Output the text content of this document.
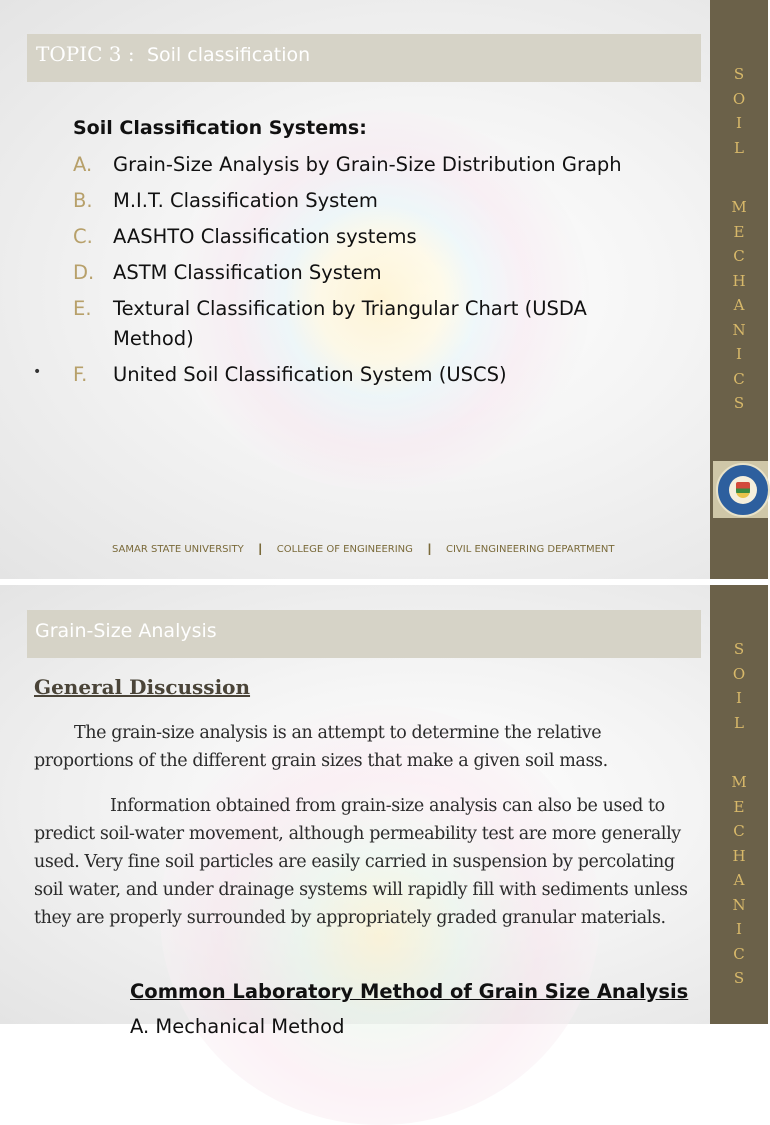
TOPIC 3 : Soil classification
Soil Classification Systems:
A. Grain-Size Analysis by Grain-Size Distribution Graph
B. M.I.T. Classification System
C. AASHTO Classification systems
D. ASTM Classification System
E. Textural Classification by Triangular Chart (USDA Method)
F. United Soil Classification System (USCS)
•
SAMAR STATE UNIVERSITY I COLLEGE OF ENGINEERING I CIVIL ENGINEERING DEPARTMENT
S
O
I
L
M
E
C
H
A
N
I
C
S
Grain-Size Analysis
General Discussion
The grain-size analysis is an attempt to determine the relative proportions of the different grain sizes that make a given soil mass.
Information obtained from grain-size analysis can also be used to predict soil-water movement, although permeability test are more generally used. Very fine soil particles are easily carried in suspension by percolating soil water, and under drainage systems will rapidly fill with sediments unless they are properly surrounded by appropriately graded granular materials.
Common Laboratory Method of Grain Size Analysis
A. Mechanical Method
S
O
I
L
M
E
C
H
A
N
I
C
S
